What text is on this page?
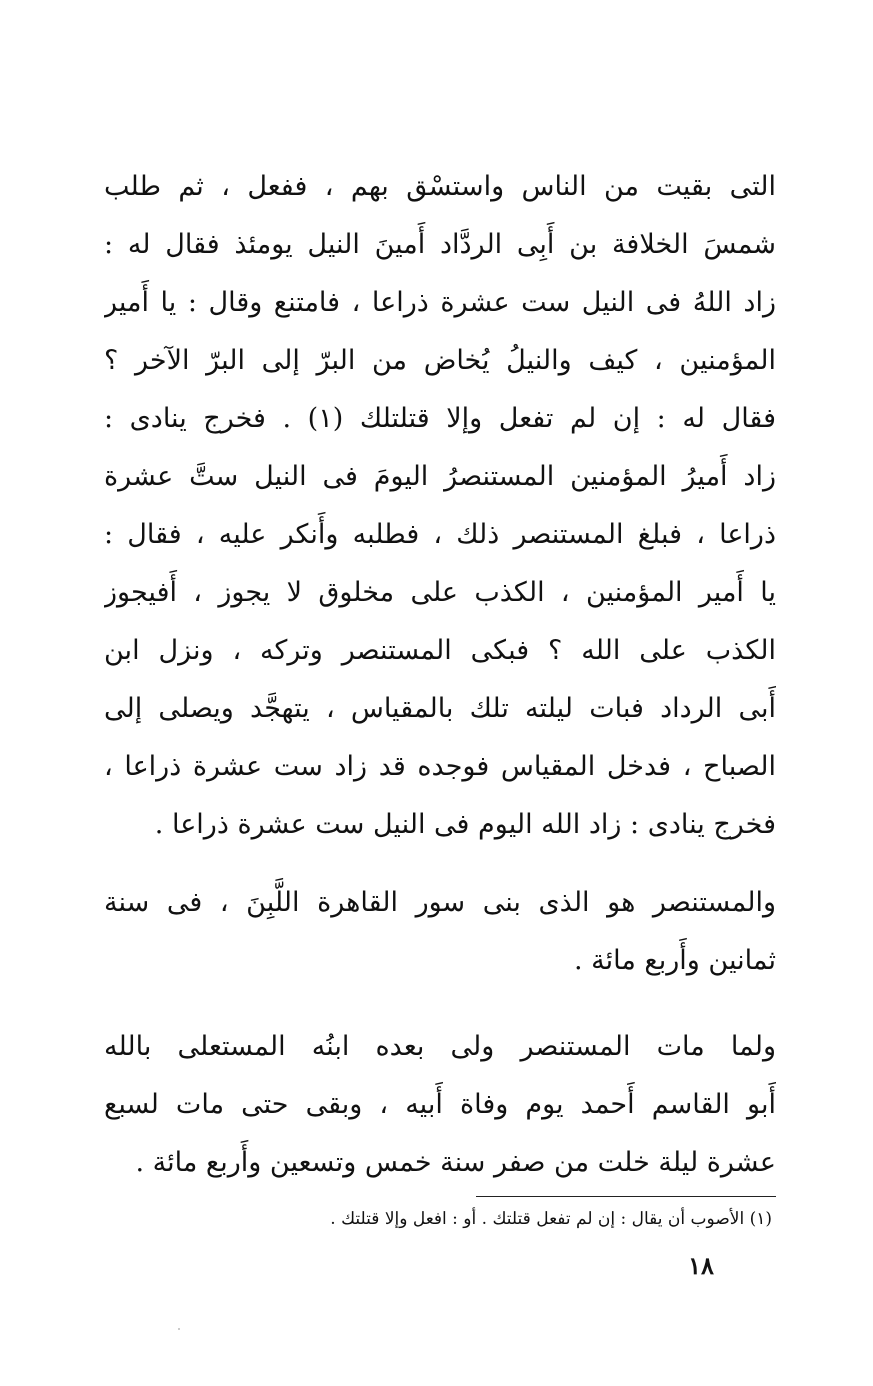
التى بقيت من الناس واستسْق بهم ، ففعل ، ثم طلب
شمسَ الخلافة بن أَبِى الردَّاد أَمينَ النيل يومئذ فقال له :
زاد اللهُ فى النيل ست عشرة ذراعا ، فامتنع وقال : يا أَمير
المؤمنين ، كيف والنيلُ يُخاض من البرّ إلى البرّ الآخر ؟
فقال له : إن لم تفعل وإلا قتلتلك (١) . فخرج ينادى :
زاد أَميرُ المؤمنين المستنصرُ اليومَ فى النيل ستَّ عشرة
ذراعا ، فبلغ المستنصر ذلك ، فطلبه وأَنكر عليه ، فقال :
يا أَمير المؤمنين ، الكذب على مخلوق لا يجوز ، أَفيجوز
الكذب على الله ؟ فبكى المستنصر وتركه ، ونزل ابن
أَبى الرداد فبات ليلته تلك بالمقياس ، يتهجَّد ويصلى إلى
الصباح ، فدخل المقياس فوجده قد زاد ست عشرة ذراعا ،
فخرج ينادى : زاد الله اليوم فى النيل ست عشرة ذراعا .
والمستنصر هو الذى بنى سور القاهرة اللَّبِنَ ، فى سنة
ثمانين وأَربع مائة .
ولما مات المستنصر ولى بعده ابنُه المستعلى بالله
أَبو القاسم أَحمد يوم وفاة أَبيه ، وبقى حتى مات لسبع
عشرة ليلة خلت من صفر سنة خمس وتسعين وأَربع مائة .
(١) الأصوب أن يقال : إن لم تفعل قتلتك . أو : افعل وإلا قتلتك .
١٨
